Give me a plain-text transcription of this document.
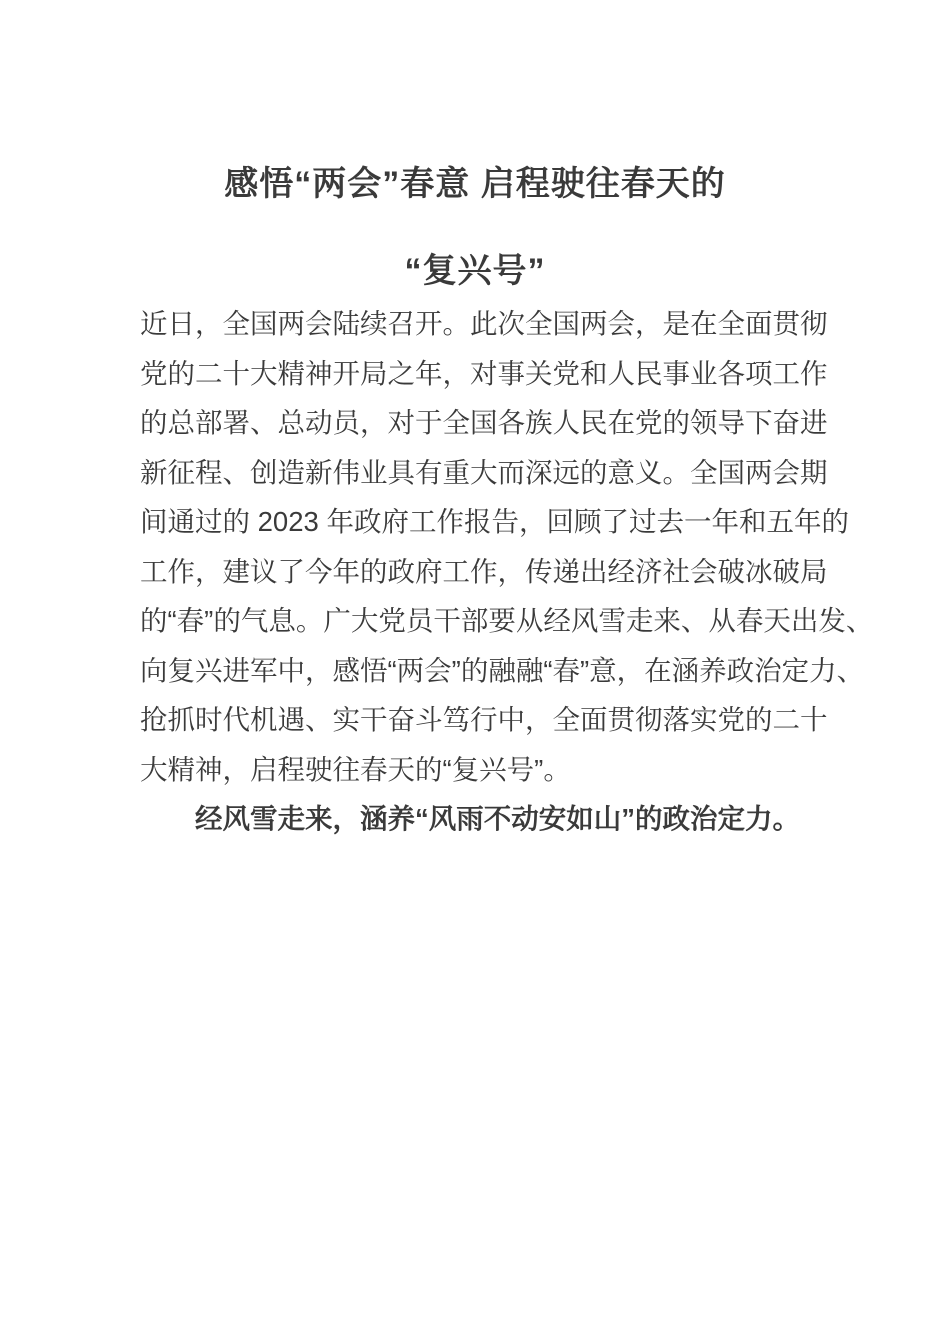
感悟“两会”春意 启程驶往春天的
“复兴号”
近日，全国两会陆续召开。此次全国两会，是在全面贯彻
党的二十大精神开局之年，对事关党和人民事业各项工作
的总部署、总动员，对于全国各族人民在党的领导下奋进
新征程、创造新伟业具有重大而深远的意义。全国两会期
间通过的 2023 年政府工作报告，回顾了过去一年和五年的
工作，建议了今年的政府工作，传递出经济社会破冰破局
的“春”的气息。广大党员干部要从经风雪走来、从春天出发、
向复兴进军中，感悟“两会”的融融“春”意，在涵养政治定力、
抢抓时代机遇、实干奋斗笃行中，全面贯彻落实党的二十
大精神，启程驶往春天的“复兴号”。

经风雪走来，涵养“风雨不动安如山”的政治定力。
